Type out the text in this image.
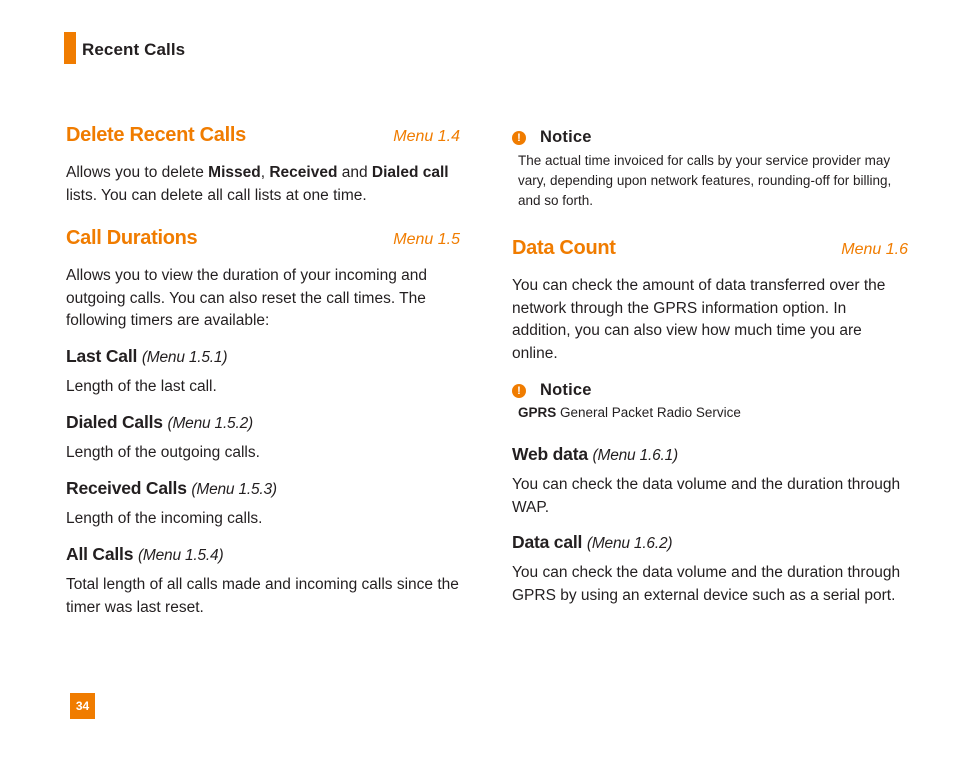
Recent Calls
Delete Recent Calls	Menu 1.4
Allows you to delete Missed, Received and Dialed call lists. You can delete all call lists at one time.
Call Durations	Menu 1.5
Allows you to view the duration of your incoming and outgoing calls. You can also reset the call times. The following timers are available:
Last Call (Menu 1.5.1)
Length of the last call.
Dialed Calls (Menu 1.5.2)
Length of the outgoing calls.
Received Calls (Menu 1.5.3)
Length of the incoming calls.
All Calls (Menu 1.5.4)
Total length of all calls made and incoming calls since the timer was last reset.
!	Notice
The actual time invoiced for calls by your service provider may vary, depending upon network features, rounding-off for billing, and so forth.
Data Count	Menu 1.6
You can check the amount of data transferred over the network through the GPRS information option. In addition, you can also view how much time you are online.
!	Notice
GPRS General Packet Radio Service
Web data (Menu 1.6.1)
You can check the data volume and the duration through WAP.
Data call (Menu 1.6.2)
You can check the data volume and the duration through GPRS by using an external device such as a serial port.
34
